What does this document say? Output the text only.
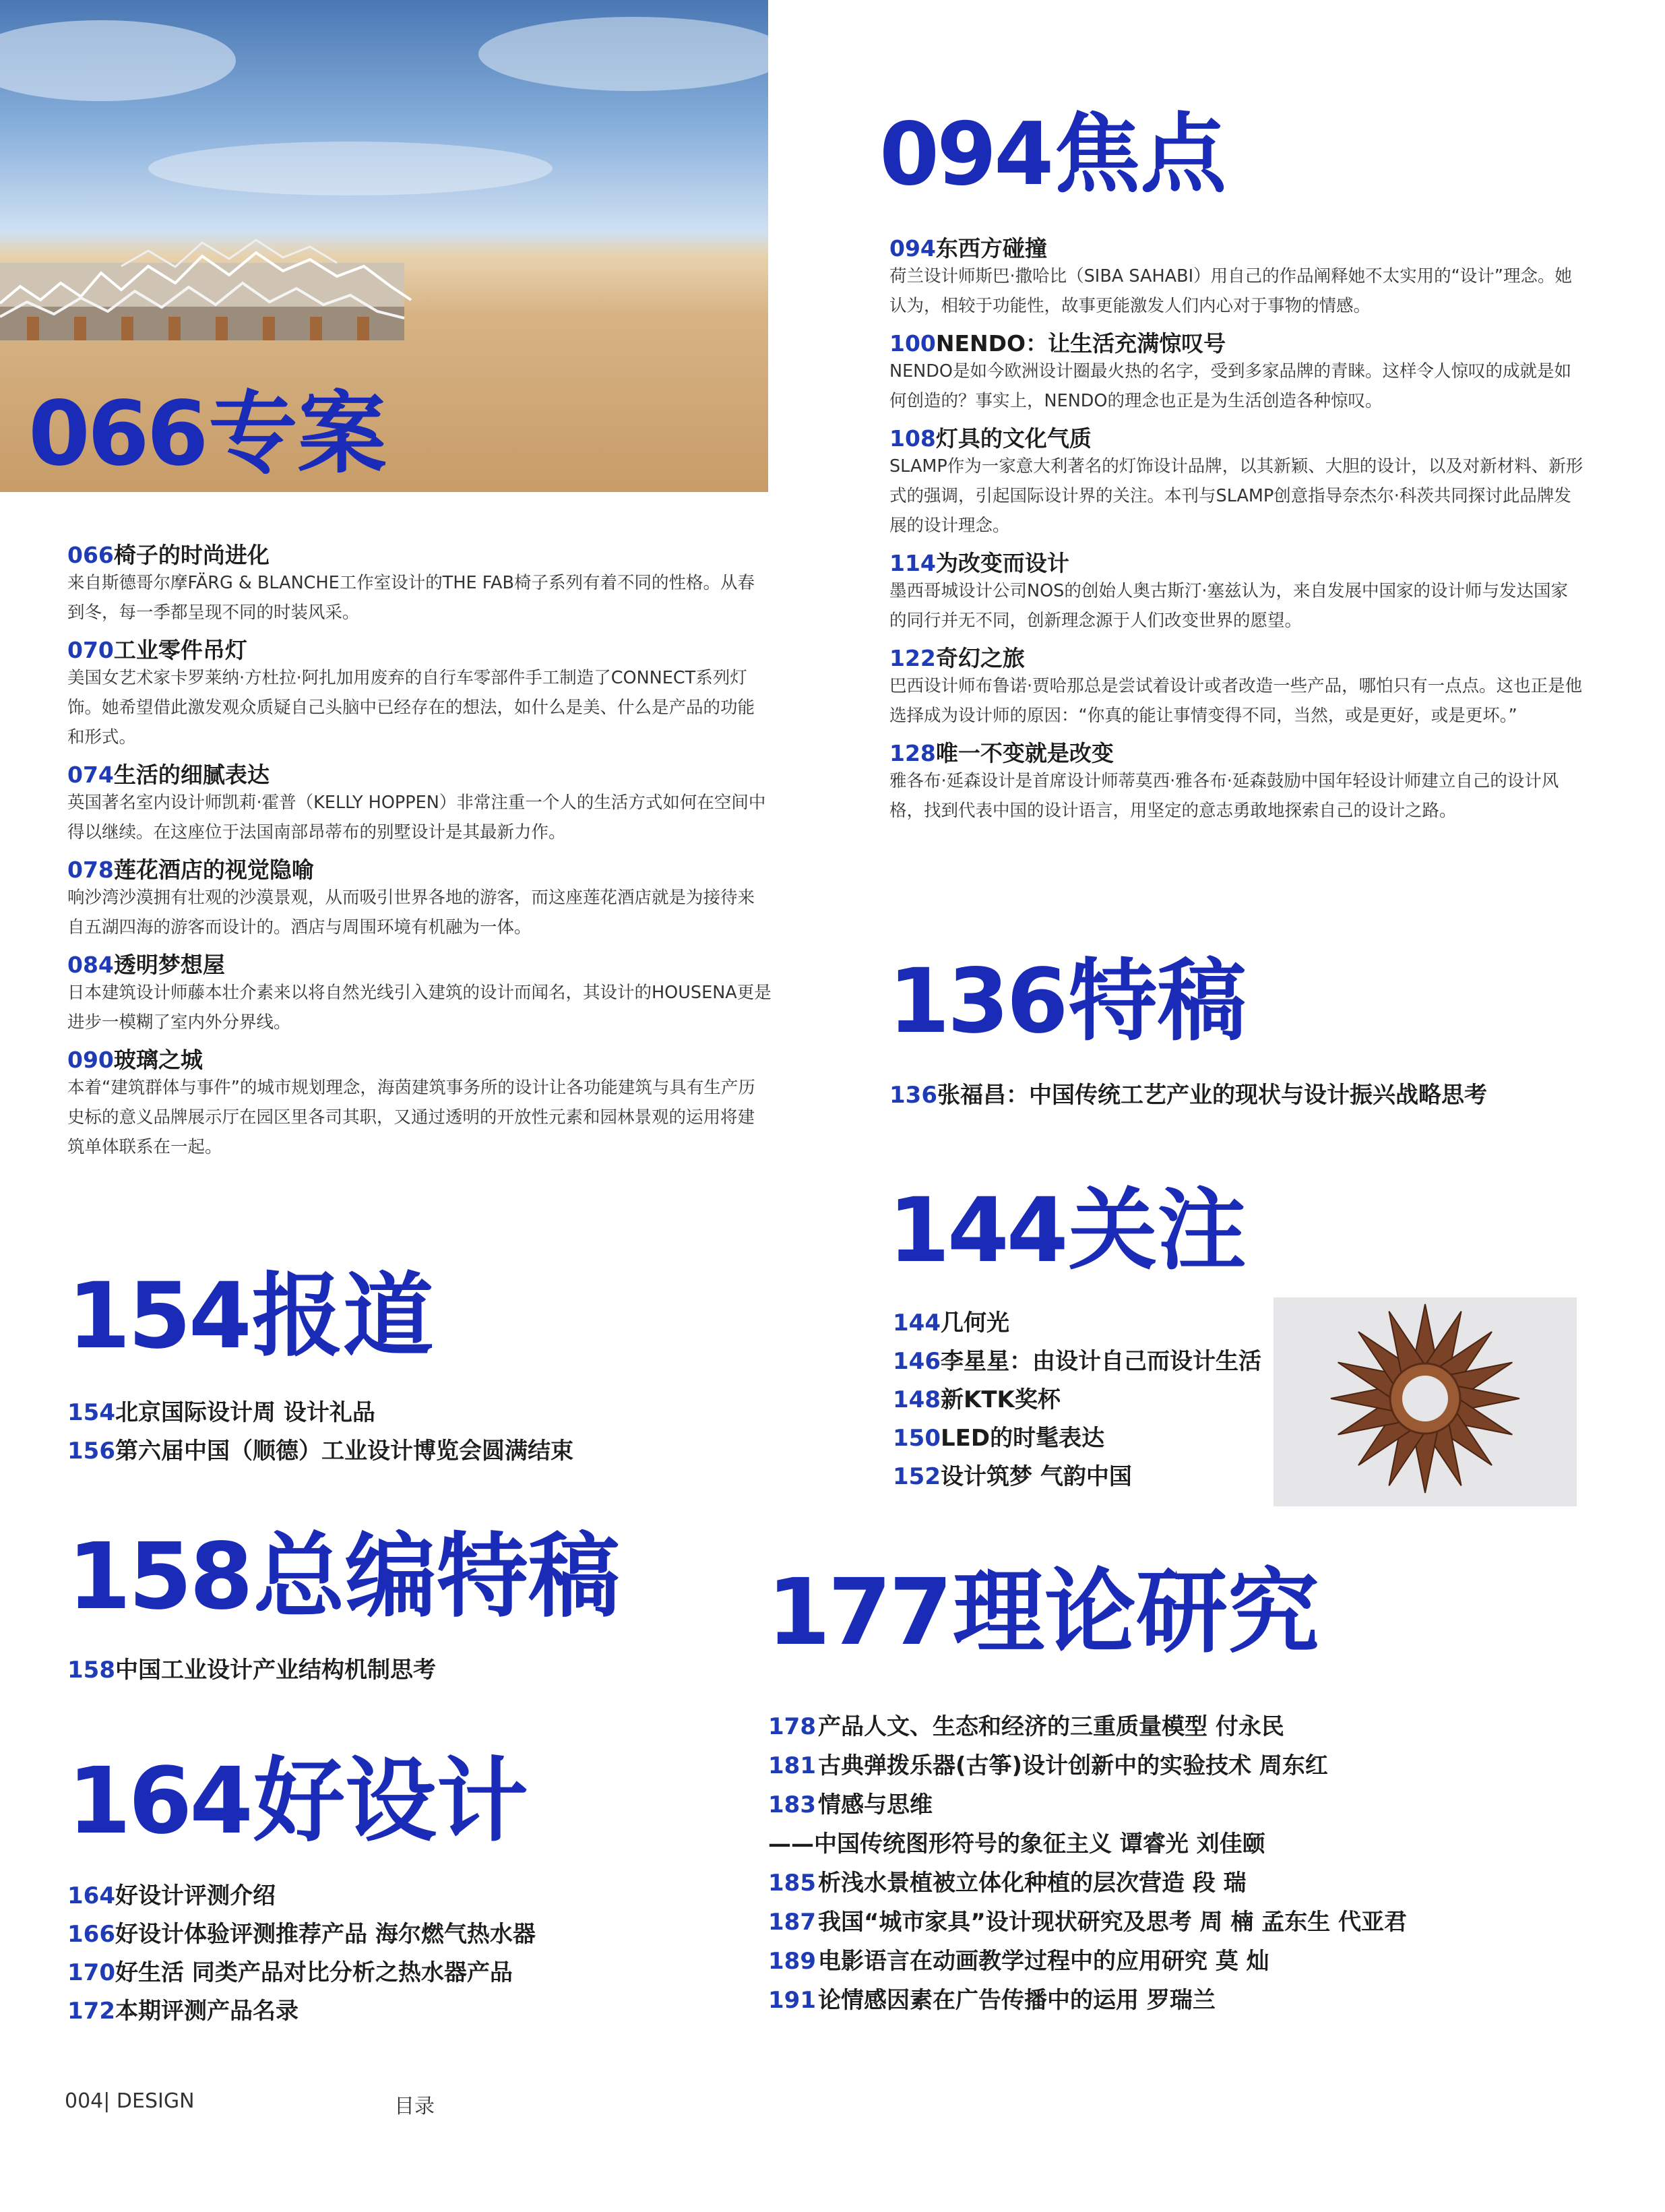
066专案
066椅子的时尚进化
来自斯德哥尔摩FÄRG & BLANCHE工作室设计的THE FAB椅子系列有着不同的性格。从春到冬，每一季都呈现不同的时装风采。
070工业零件吊灯
美国女艺术家卡罗莱纳·方杜拉·阿扎加用废弃的自行车零部件手工制造了CONNECT系列灯饰。她希望借此激发观众质疑自己头脑中已经存在的想法，如什么是美、什么是产品的功能和形式。
074生活的细腻表达
英国著名室内设计师凯莉·霍普（KELLY HOPPEN）非常注重一个人的生活方式如何在空间中得以继续。在这座位于法国南部昂蒂布的别墅设计是其最新力作。
078莲花酒店的视觉隐喻
响沙湾沙漠拥有壮观的沙漠景观，从而吸引世界各地的游客，而这座莲花酒店就是为接待来自五湖四海的游客而设计的。酒店与周围环境有机融为一体。
084透明梦想屋
日本建筑设计师藤本壮介素来以将自然光线引入建筑的设计而闻名，其设计的HOUSENA更是进步一模糊了室内外分界线。
090玻璃之城
本着“建筑群体与事件”的城市规划理念，海茵建筑事务所的设计让各功能建筑与具有生产历史标的意义品牌展示厅在园区里各司其职，又通过透明的开放性元素和园林景观的运用将建筑单体联系在一起。
094焦点
094东西方碰撞
荷兰设计师斯巴·撒哈比（SIBA SAHABI）用自己的作品阐释她不太实用的“设计”理念。她认为，相较于功能性，故事更能激发人们内心对于事物的情感。
100NENDO：让生活充满惊叹号
NENDO是如今欧洲设计圈最火热的名字，受到多家品牌的青睐。这样令人惊叹的成就是如何创造的？事实上，NENDO的理念也正是为生活创造各种惊叹。
108灯具的文化气质
SLAMP作为一家意大利著名的灯饰设计品牌，以其新颖、大胆的设计，以及对新材料、新形式的强调，引起国际设计界的关注。本刊与SLAMP创意指导奈杰尔·科茨共同探讨此品牌发展的设计理念。
114为改变而设计
墨西哥城设计公司NOS的创始人奥古斯汀·塞兹认为，来自发展中国家的设计师与发达国家的同行并无不同，创新理念源于人们改变世界的愿望。
122奇幻之旅
巴西设计师布鲁诺·贾哈那总是尝试着设计或者改造一些产品，哪怕只有一点点。这也正是他选择成为设计师的原因：“你真的能让事情变得不同，当然，或是更好，或是更坏。”
128唯一不变就是改变
雅各布·延森设计是首席设计师蒂莫西·雅各布·延森鼓励中国年轻设计师建立自己的设计风格，找到代表中国的设计语言，用坚定的意志勇敢地探索自己的设计之路。
136特稿
136张福昌：中国传统工艺产业的现状与设计振兴战略思考
144关注
144几何光
146李星星：由设计自己而设计生活
148新KTK奖杯
150LED的时髦表达
152设计筑梦 气韵中国
154报道
154北京国际设计周 设计礼品
156第六届中国（顺德）工业设计博览会圆满结束
158总编特稿
158中国工业设计产业结构机制思考
164好设计
164好设计评测介绍
166好设计体验评测推荐产品 海尔燃气热水器
170好生活 同类产品对比分析之热水器产品
172本期评测产品名录
177理论研究
178产品人文、生态和经济的三重质量模型 付永民
181古典弹拨乐器(古筝)设计创新中的实验技术 周东红
183情感与思维
——中国传统图形符号的象征主义 谭睿光 刘佳颐
185析浅水景植被立体化种植的层次营造 段 瑞
187我国“城市家具”设计现状研究及思考 周 楠 孟东生 代亚君
189电影语言在动画教学过程中的应用研究 莫 灿
191论情感因素在广告传播中的运用 罗瑞兰
004| DESIGN	目录
